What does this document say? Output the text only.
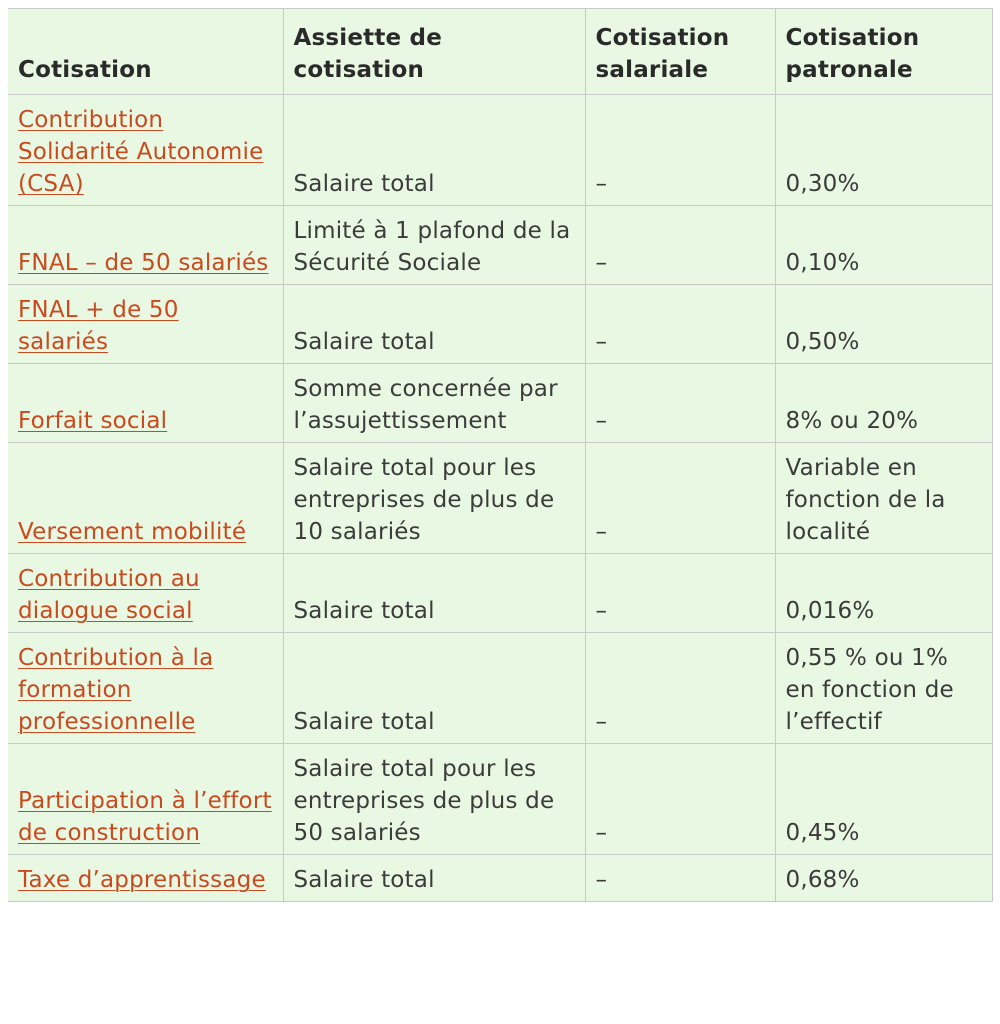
Cotisation	Assiette de cotisation	Cotisation salariale	Cotisation patronale
Contribution Solidarité Autonomie (CSA)	Salaire total	–	0,30%
FNAL – de 50 salariés	Limité à 1 plafond de la Sécurité Sociale	–	0,10%
FNAL + de 50 salariés	Salaire total	–	0,50%
Forfait social	Somme concernée par l’assujettissement	–	8% ou 20%
Versement mobilité	Salaire total pour les entreprises de plus de 10 salariés	–	Variable en fonction de la localité
Contribution au dialogue social	Salaire total	–	0,016%
Contribution à la formation professionnelle	Salaire total	–	0,55 % ou 1% en fonction de l’effectif
Participation à l’effort de construction	Salaire total pour les entreprises de plus de 50 salariés	–	0,45%
Taxe d’apprentissage	Salaire total	–	0,68%
